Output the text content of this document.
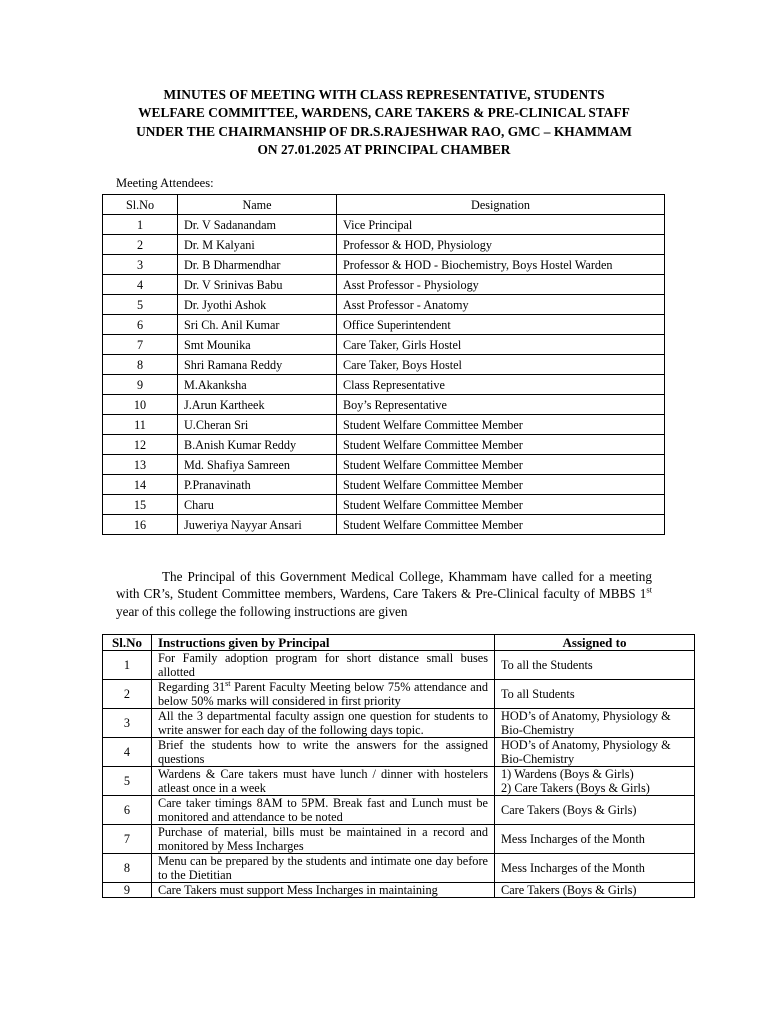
MINUTES OF MEETING WITH CLASS REPRESENTATIVE, STUDENTS
WELFARE COMMITTEE, WARDENS, CARE TAKERS & PRE-CLINICAL STAFF
UNDER THE CHAIRMANSHIP OF DR.S.RAJESHWAR RAO, GMC – KHAMMAM
ON 27.01.2025 AT PRINCIPAL CHAMBER
Meeting Attendees:
Sl.No	Name	Designation
1	Dr. V Sadanandam	Vice Principal
2	Dr. M Kalyani	Professor & HOD, Physiology
3	Dr. B Dharmendhar	Professor & HOD - Biochemistry, Boys Hostel Warden
4	Dr. V Srinivas Babu	Asst Professor - Physiology
5	Dr. Jyothi Ashok	Asst Professor - Anatomy
6	Sri Ch. Anil Kumar	Office Superintendent
7	Smt Mounika	Care Taker, Girls Hostel
8	Shri Ramana Reddy	Care Taker, Boys Hostel
9	M.Akanksha	Class Representative
10	J.Arun Kartheek	Boy’s Representative
11	U.Cheran Sri	Student Welfare Committee Member
12	B.Anish Kumar Reddy	Student Welfare Committee Member
13	Md. Shafiya Samreen	Student Welfare Committee Member
14	P.Pranavinath	Student Welfare Committee Member
15	Charu	Student Welfare Committee Member
16	Juweriya Nayyar Ansari	Student Welfare Committee Member

The Principal of this Government Medical College, Khammam have called for a meeting with CR’s, Student Committee members, Wardens, Care Takers & Pre-Clinical faculty of MBBS 1st year of this college the following instructions are given

Sl.No	Instructions given by Principal	Assigned to
1	For Family adoption program for short distance small buses allotted	To all the Students

2	Regarding 31st Parent Faculty Meeting below 75% attendance and below 50% marks will considered in first priority	To all Students

3	All the 3 departmental faculty assign one question for students to write answer for each day of the following days topic.	HOD’s of Anatomy, Physiology & Bio-Chemistry

4	Brief the students how to write the answers for the assigned questions	HOD’s of Anatomy, Physiology & Bio-Chemistry

5	Wardens & Care takers must have lunch / dinner with hostelers atleast once in a week	1) Wardens (Boys & Girls)
2) Care Takers (Boys & Girls)

6	Care taker timings 8AM to 5PM. Break fast and Lunch must be monitored and attendance to be noted	Care Takers (Boys & Girls)

7	Purchase of material, bills must be maintained in a record and monitored by Mess Incharges	Mess Incharges of the Month

8	Menu can be prepared by the students and intimate one day before to the Dietitian	Mess Incharges of the Month

9	Care Takers must support Mess Incharges in maintaining	Care Takers (Boys & Girls)
